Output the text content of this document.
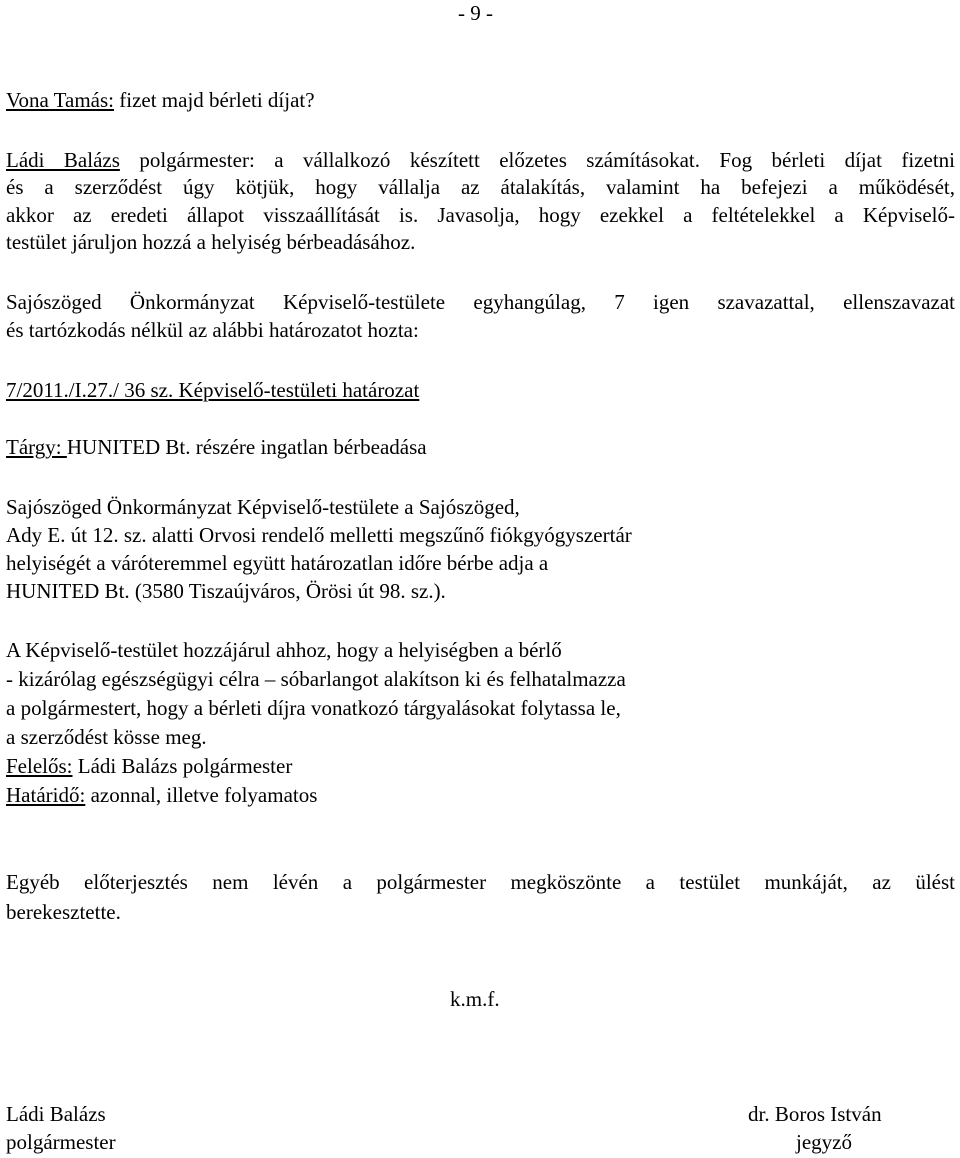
- 9 -
Vona Tamás: fizet majd bérleti díjat?
Ládi Balázs polgármester: a vállalkozó készített előzetes számításokat. Fog bérleti díjat fizetni
és a szerződést úgy kötjük, hogy vállalja az átalakítás, valamint ha befejezi a működését,
akkor az eredeti állapot visszaállítását is. Javasolja, hogy ezekkel a feltételekkel a Képviselő-
testület járuljon hozzá a helyiség bérbeadásához.
Sajószöged Önkormányzat Képviselő-testülete egyhangúlag, 7 igen szavazattal, ellenszavazat
és tartózkodás nélkül az alábbi határozatot hozta:
7/2011./I.27./ 36 sz. Képviselő-testületi határozat
Tárgy: HUNITED Bt. részére ingatlan bérbeadása
Sajószöged Önkormányzat Képviselő-testülete a Sajószöged,
Ady E. út 12. sz. alatti Orvosi rendelő melletti megszűnő fiókgyógyszertár
helyiségét a váróteremmel együtt határozatlan időre bérbe adja a
HUNITED Bt. (3580 Tiszaújváros, Örösi út 98. sz.).
A Képviselő-testület hozzájárul ahhoz, hogy a helyiségben a bérlő
- kizárólag egészségügyi célra – sóbarlangot alakítson ki és felhatalmazza
a polgármestert, hogy a bérleti díjra vonatkozó tárgyalásokat folytassa le,
a szerződést kösse meg.
Felelős: Ládi Balázs polgármester
Határidő: azonnal, illetve folyamatos
Egyéb előterjesztés nem lévén a polgármester megköszönte a testület munkáját, az ülést
berekesztette.
k.m.f.
Ládi Balázs
polgármester
dr. Boros István
jegyző
